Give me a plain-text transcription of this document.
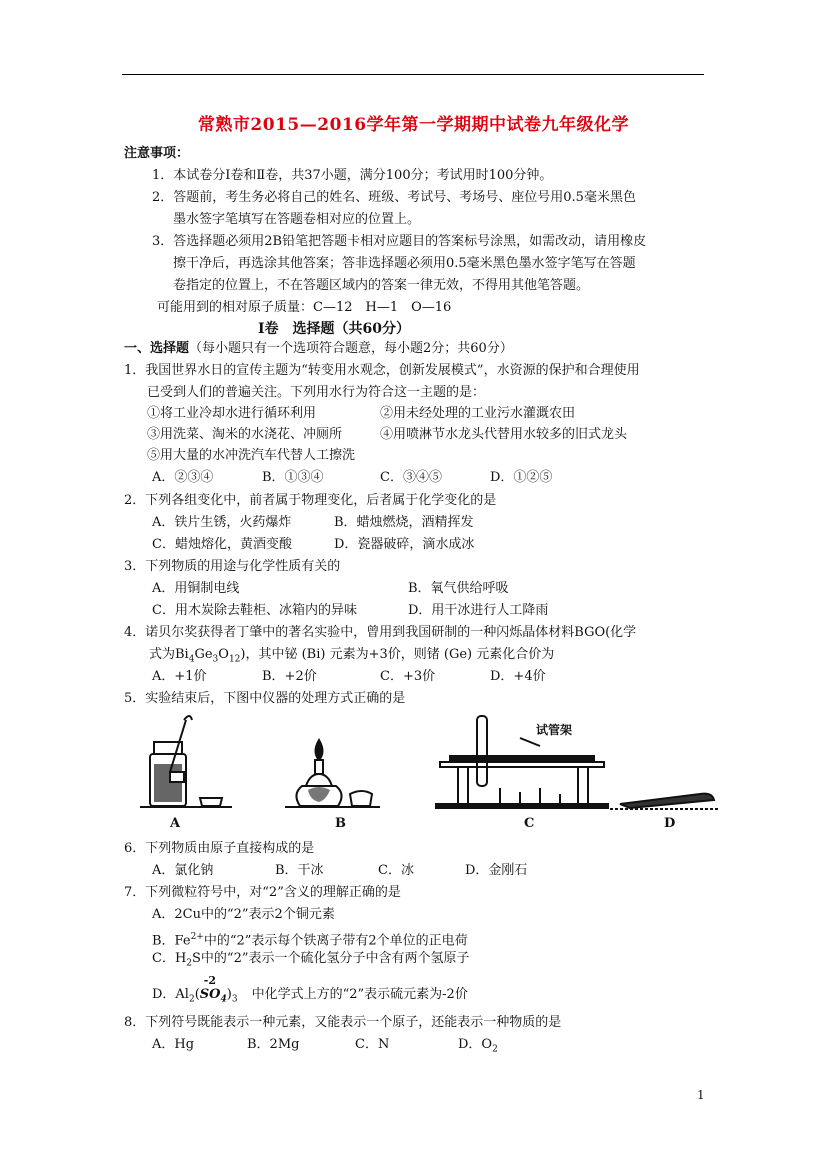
常熟市2015—2016学年第一学期期中试卷九年级化学
注意事项：
1．本试卷分Ⅰ卷和Ⅱ卷，共37小题，满分100分；考试用时100分钟。
2．答题前，考生务必将自己的姓名、班级、考试号、考场号、座位号用0.5毫米黑色
墨水签字笔填写在答题卷相对应的位置上。
3．答选择题必须用2B铅笔把答题卡相对应题目的答案标号涂黑，如需改动，请用橡皮
擦干净后，再选涂其他答案；答非选择题必须用0.5毫米黑色墨水签字笔写在答题
卷指定的位置上，不在答题区域内的答案一律无效，不得用其他笔答题。
可能用到的相对原子质量：C—12　H—1　O—16
Ⅰ卷　选择题（共60分）
一、选择题（每小题只有一个选项符合题意，每小题2分；共60分）
1．我国世界水日的宣传主题为“转变用水观念，创新发展模式”，水资源的保护和合理使用
已受到人们的普遍关注。下列用水行为符合这一主题的是：
①将工业冷却水进行循环利用	②用未经处理的工业污水灌溉农田
③用洗菜、淘米的水浇花、冲厕所	④用喷淋节水龙头代替用水较多的旧式龙头
⑤用大量的水冲洗汽车代替人工擦洗
A．②③④	B．①③④	C．③④⑤	D．①②⑤
2．下列各组变化中，前者属于物理变化，后者属于化学变化的是
A．铁片生锈，火药爆炸	B．蜡烛燃烧，酒精挥发
C．蜡烛熔化，黄酒变酸	D．瓷器破碎，滴水成冰
3．下列物质的用途与化学性质有关的
A．用铜制电线	B．氧气供给呼吸
C．用木炭除去鞋柜、冰箱内的异味	D．用干冰进行人工降雨
4．诺贝尔奖获得者丁肇中的著名实验中，曾用到我国研制的一种闪烁晶体材料BGO(化学
式为$Bi_4Ge_3O_{12}$)，其中铋 (Bi) 元素为+3价，则锗 (Ge) 元素化合价为
A．+1价	B．+2价	C．+3价	D．+4价
5．实验结束后，下图中仪器的处理方式正确的是
试管架
A	B	C	D
6．下列物质由原子直接构成的是
A．氯化钠	B．干冰	C．冰	D．金刚石
7．下列微粒符号中，对“2”含义的理解正确的是
A．2Cu中的“2”表示2个铜元素
B．$Fe^{2+}$中的“2”表示每个铁离子带有2个单位的正电荷
C．$H_2S$中的“2”表示一个硫化氢分子中含有两个氢原子
D．$Al_2$(
-2
$SO_4)_3$ 中化学式上方的“2”表示硫元素为-2价
8．下列符号既能表示一种元素，又能表示一个原子，还能表示一种物质的是
A．Hg	B．2Mg	C．N	D．$O_2$
1
